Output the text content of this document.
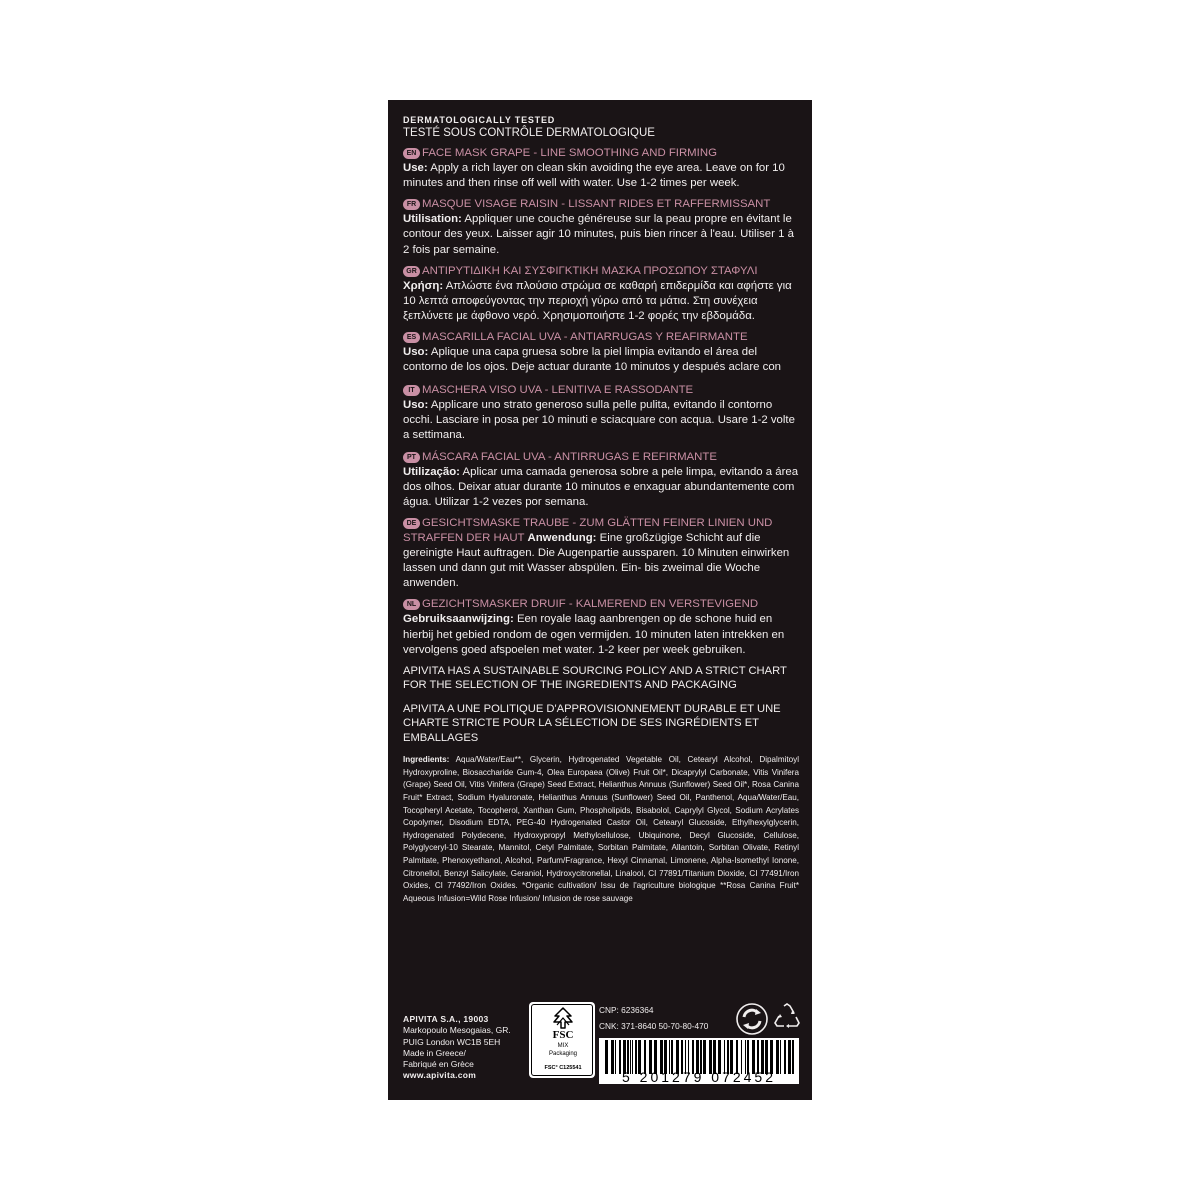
DERMATOLOGICALLY TESTED
TESTÉ SOUS CONTRÔLE DERMATOLOGIQUE
EN FACE MASK GRAPE - LINE SMOOTHING AND FIRMING
Use: Apply a rich layer on clean skin avoiding the eye area. Leave on for 10 minutes and then rinse off well with water. Use 1-2 times per week.
FR MASQUE VISAGE RAISIN - LISSANT RIDES ET RAFFERMISSANT Utilisation: Appliquer une couche généreuse sur la peau propre en évitant le contour des yeux. Laisser agir 10 minutes, puis bien rincer à l'eau. Utiliser 1 à 2 fois par semaine.
GR ΑΝΤΙΡΥΤΙΔΙΚΗ ΚΑΙ ΣΥΣΦΙΓΚΤΙΚΗ ΜΑΣΚΑ ΠΡΟΣΩΠΟΥ ΣΤΑΦΥΛΙ
Χρήση: Απλώστε ένα πλούσιο στρώμα σε καθαρή επιδερμίδα και αφήστε για 10 λεπτά αποφεύγοντας την περιοχή γύρω από τα μάτια. Στη συνέχεια ξεπλύνετε με άφθονο νερό. Χρησιμοποιήστε 1-2 φορές την εβδομάδα.
ES MASCARILLA FACIAL UVA - ANTIARRUGAS Y REAFIRMANTE

Uso: Aplique una capa gruesa sobre la piel limpia evitando el área del contorno de los ojos. Deje actuar durante 10 minutos y después aclare con
IT MASCHERA VISO UVA - LENITIVA E RASSODANTE
Uso: Applicare uno strato generoso sulla pelle pulita, evitando il contorno occhi. Lasciare in posa per 10 minuti e sciacquare con acqua. Usare 1-2 volte a settimana.
PT MÁSCARA FACIAL UVA - ANTIRRUGAS E REFIRMANTE
Utilização: Aplicar uma camada generosa sobre a pele limpa, evitando a área dos olhos. Deixar atuar durante 10 minutos e enxaguar abundantemente com água. Utilizar 1-2 vezes por semana.
DE GESICHTSMASKE TRAUBE - ZUM GLÄTTEN FEINER LINIEN UND STRAFFEN DER HAUT Anwendung: Eine großzügige Schicht auf die gereinigte Haut auftragen. Die Augenpartie aussparen. 10 Minuten einwirken lassen und dann gut mit Wasser abspülen. Ein- bis zweimal die Woche anwenden.
NL GEZICHTSMASKER DRUIF - KALMEREND EN VERSTEVIGEND
Gebruiksaanwijzing: Een royale laag aanbrengen op de schone huid en hierbij het gebied rondom de ogen vermijden. 10 minuten laten intrekken en vervolgens goed afspoelen met water. 1-2 keer per week gebruiken.
APIVITA HAS A SUSTAINABLE SOURCING POLICY AND A STRICT CHART FOR THE SELECTION OF THE INGREDIENTS AND PACKAGING
APIVITA A UNE POLITIQUE D'APPROVISIONNEMENT DURABLE ET UNE CHARTE STRICTE POUR LA SÉLECTION DE SES INGRÉDIENTS ET EMBALLAGES
Ingredients: Aqua/Water/Eau**, Glycerin, Hydrogenated Vegetable Oil, Cetearyl Alcohol, Dipalmitoyl Hydroxyproline, Biosaccharide Gum-4, Olea Europaea (Olive) Fruit Oil*, Dicaprylyl Carbonate, Vitis Vinifera (Grape) Seed Oil, Vitis Vinifera (Grape) Seed Extract, Helianthus Annuus (Sunflower) Seed Oil*, Rosa Canina Fruit* Extract, Sodium Hyaluronate, Helianthus Annuus (Sunflower) Seed Oil, Panthenol, Aqua/Water/Eau, Tocopheryl Acetate, Tocopherol, Xanthan Gum, Phospholipids, Bisabolol, Caprylyl Glycol, Sodium Acrylates Copolymer, Disodium EDTA, PEG-40 Hydrogenated Castor Oil, Cetearyl Glucoside, Ethylhexylglycerin, Hydrogenated Polydecene, Hydroxypropyl Methylcellulose, Ubiquinone, Decyl Glucoside, Cellulose, Polyglyceryl-10 Stearate, Mannitol, Cetyl Palmitate, Sorbitan Palmitate, Allantoin, Sorbitan Olivate, Retinyl Palmitate, Phenoxyethanol, Alcohol, Parfum/Fragrance, Hexyl Cinnamal, Limonene, Alpha-Isomethyl Ionone, Citronellol, Benzyl Salicylate, Geraniol, Hydroxycitronellal, Linalool, CI 77891/Titanium Dioxide, CI 77491/Iron Oxides, CI 77492/Iron Oxides. *Organic cultivation/ Issu de l'agriculture biologique **Rosa Canina Fruit* Aqueous Infusion=Wild Rose Infusion/ Infusion de rose sauvage
APIVITA S.A., 19003
Markopoulo Mesogaias, GR.
PUIG London WC1B 5EH
Made in Greece/
Fabriqué en Grèce
www.apivita.com
FSC
MIX
Packaging
FSC° C125541
CNP: 6236364
CNK: 371-8640 50-70-80-470
5 201279 072452
